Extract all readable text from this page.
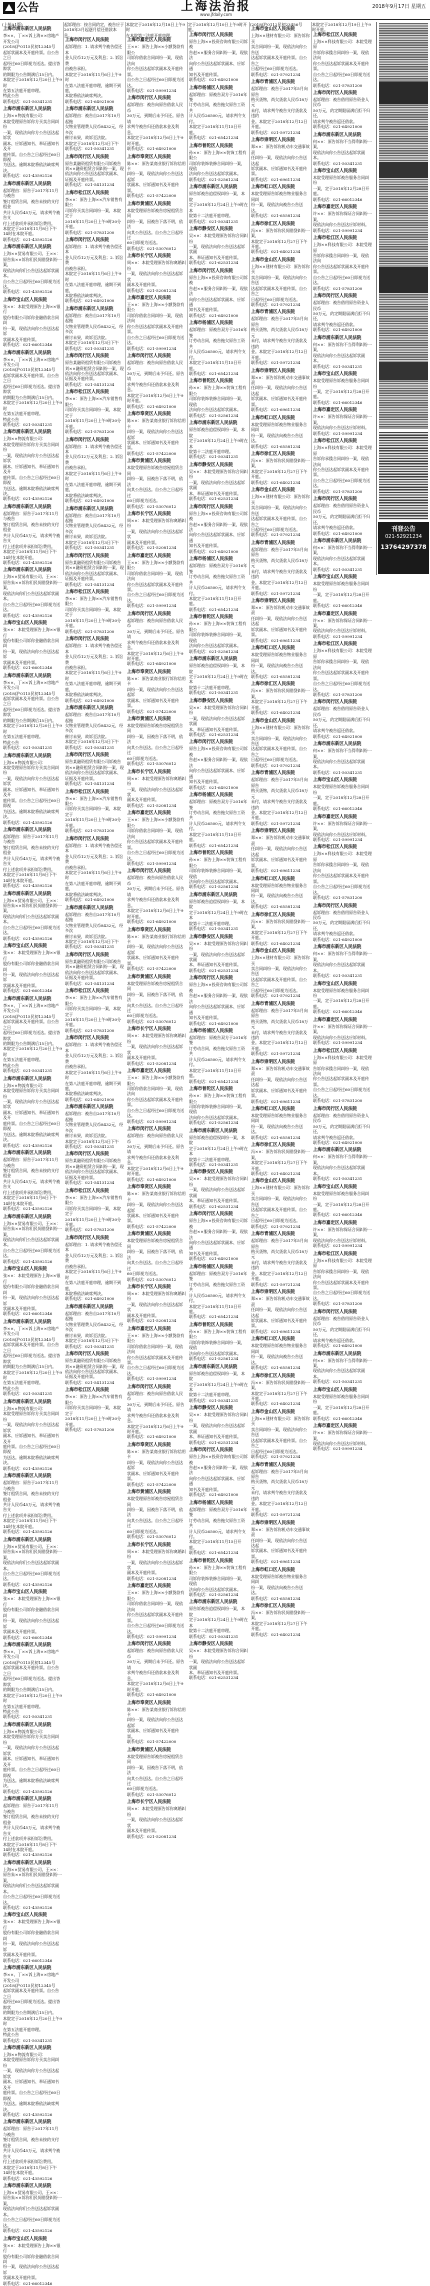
公告	上海法治报
www.jfdaily.com
2018年9月17日 星期五

(上接A1版)

上海市浦东新区人民法院

李××、丁××诉上海××房地产开发公司

(2018)沪0115民初12345号

起诉状副本及开庭传票。自公告之日

起经过60日即视为送达。提出答辩状

的期限为公告期满后15日内。

本院定于2018年12月20日上午9时

在第五法庭开庭审理。

特此公告

联系电话：021-50341231

上海市浦东新区人民法院

上海××物流有限公司：

本院受理原告诉你方买卖合同纠纷

一案，现依法向你方公告送达起诉状

副本、应诉通知书、举证通知书及开

庭传票。自公告之日起经过60日即视

为送达。逾期本院将依法缺席判决。

联系电话：021-43592126

上海市浦东新区人民法院

起诉理由：原告于2017年11月与被告

签订租赁合同，被告未按约支付租金

共计人民币45万元，请求判令被告支

付上述款项并承担诉讼费用。

本院定于2018年11月8日下午

14时在本院开庭。

联系电话：021-43592126

上海市浦东新区人民法院

上海××贸易有限公司、王××：

原告朱××诉你们民间借贷纠纷一案，

现依法向你们公告送达起诉状副本。

自公告之日起经过60日即视为送达。

联系电话：021-43592126

上海市宝山区人民法院

张××：本院受理原告上海××银行

股份有限公司诉你金融借款合同纠

纷一案，现依法向你公告送达起诉

状副本及开庭传票。

联系电话：021-66012346

上海市浦东新区人民法院

李××、丁××诉上海××房地产开发公司

(2018)沪0115民初12345号

起诉状副本及开庭传票。自公告之日

起经过60日即视为送达。提出答辩状

的期限为公告期满后15日内。

本院定于2018年12月20日上午9时

在第五法庭开庭审理。

特此公告

联系电话：021-50341231

上海市浦东新区人民法院

上海××物流有限公司：

本院受理原告诉你方买卖合同纠纷

一案，现依法向你方公告送达起诉状

副本、应诉通知书、举证通知书及开

庭传票。自公告之日起经过60日即视

为送达。逾期本院将依法缺席判决。

联系电话：021-43592126

上海市浦东新区人民法院

起诉理由：原告于2017年11月与被告

签订租赁合同，被告未按约支付租金

共计人民币45万元，请求判令被告支

付上述款项并承担诉讼费用。

本院定于2018年11月8日下午

14时在本院开庭。

联系电话：021-43592126

上海市浦东新区人民法院

上海××贸易有限公司、王××：

原告朱××诉你们民间借贷纠纷一案，

现依法向你们公告送达起诉状副本。

自公告之日起经过60日即视为送达。

联系电话：021-43592126

上海市宝山区人民法院

张××：本院受理原告上海××银行

股份有限公司诉你金融借款合同纠

纷一案，现依法向你公告送达起诉

状副本及开庭传票。

联系电话：021-66012346

上海市浦东新区人民法院

李××、丁××诉上海××房地产开发公司

(2018)沪0115民初12345号

起诉状副本及开庭传票。自公告之日

起经过60日即视为送达。提出答辩状

的期限为公告期满后15日内。

本院定于2018年12月20日上午9时

在第五法庭开庭审理。

特此公告

联系电话：021-50341231

上海市浦东新区人民法院

上海××物流有限公司：

本院受理原告诉你方买卖合同纠纷

一案，现依法向你方公告送达起诉状

副本、应诉通知书、举证通知书及开

庭传票。自公告之日起经过60日即视

为送达。逾期本院将依法缺席判决。

联系电话：021-43592126

上海市浦东新区人民法院

起诉理由：原告于2017年11月与被告

签订租赁合同，被告未按约支付租金

共计人民币45万元，请求判令被告支

付上述款项并承担诉讼费用。

本院定于2018年11月8日下午

14时在本院开庭。

联系电话：021-43592126

上海市浦东新区人民法院

上海××贸易有限公司、王××：

原告朱××诉你们民间借贷纠纷一案，

现依法向你们公告送达起诉状副本。

自公告之日起经过60日即视为送达。

联系电话：021-43592126

上海市宝山区人民法院

张××：本院受理原告上海××银行

股份有限公司诉你金融借款合同纠

纷一案，现依法向你公告送达起诉

状副本及开庭传票。

联系电话：021-66012346

上海市浦东新区人民法院

李××、丁××诉上海××房地产开发公司

(2018)沪0115民初12345号

起诉状副本及开庭传票。自公告之日

起经过60日即视为送达。提出答辩状

的期限为公告期满后15日内。

本院定于2018年12月20日上午9时

在第五法庭开庭审理。

特此公告

联系电话：021-50341231

上海市浦东新区人民法院

上海××物流有限公司：

本院受理原告诉你方买卖合同纠纷

一案，现依法向你方公告送达起诉状

副本、应诉通知书、举证通知书及开

庭传票。自公告之日起经过60日即视

为送达。逾期本院将依法缺席判决。

联系电话：021-43592126

上海市浦东新区人民法院

起诉理由：原告于2017年11月与被告

签订租赁合同，被告未按约支付租金

共计人民币45万元，请求判令被告支

付上述款项并承担诉讼费用。

本院定于2018年11月8日下午

14时在本院开庭。

联系电话：021-43592126

上海市浦东新区人民法院

上海××贸易有限公司、王××：

原告朱××诉你们民间借贷纠纷一案，

现依法向你们公告送达起诉状副本。

自公告之日起经过60日即视为送达。

联系电话：021-43592126

上海市宝山区人民法院

张××：本院受理原告上海××银行

股份有限公司诉你金融借款合同纠

纷一案，现依法向你公告送达起诉

状副本及开庭传票。

联系电话：021-66012346

上海市浦东新区人民法院

李××、丁××诉上海××房地产开发公司

(2018)沪0115民初12345号

起诉状副本及开庭传票。自公告之日

起经过60日即视为送达。提出答辩状

的期限为公告期满后15日内。

本院定于2018年12月20日上午9时

在第五法庭开庭审理。

特此公告

联系电话：021-50341231

上海市浦东新区人民法院

上海××物流有限公司：

本院受理原告诉你方买卖合同纠纷

一案，现依法向你方公告送达起诉状

副本、应诉通知书、举证通知书及开

庭传票。自公告之日起经过60日即视

为送达。逾期本院将依法缺席判决。

联系电话：021-43592126

上海市浦东新区人民法院

起诉理由：原告于2017年11月与被告

签订租赁合同，被告未按约支付租金

共计人民币45万元，请求判令被告支

付上述款项并承担诉讼费用。

本院定于2018年11月8日下午

14时在本院开庭。

联系电话：021-43592126

上海市浦东新区人民法院

上海××贸易有限公司、王××：

原告朱××诉你们民间借贷纠纷一案，

现依法向你们公告送达起诉状副本。

自公告之日起经过60日即视为送达。

联系电话：021-43592126

上海市宝山区人民法院

张××：本院受理原告上海××银行

股份有限公司诉你金融借款合同纠

纷一案，现依法向你公告送达起诉

状副本及开庭传票。

联系电话：021-66012346

上海市浦东新区人民法院

李××、丁××诉上海××房地产开发公司

(2018)沪0115民初12345号

起诉状副本及开庭传票。自公告之日

起经过60日即视为送达。提出答辩状

的期限为公告期满后15日内。

本院定于2018年12月20日上午9时

在第五法庭开庭审理。

特此公告

联系电话：021-50341231

上海市浦东新区人民法院

上海××物流有限公司：

本院受理原告诉你方买卖合同纠纷

一案，现依法向你方公告送达起诉状

副本、应诉通知书、举证通知书及开

庭传票。自公告之日起经过60日即视

为送达。逾期本院将依法缺席判决。

联系电话：021-43592126

上海市浦东新区人民法院

起诉理由：原告于2017年11月与被告

签订租赁合同，被告未按约支付租金

共计人民币45万元，请求判令被告支

付上述款项并承担诉讼费用。

本院定于2018年11月8日下午

14时在本院开庭。

联系电话：021-43592126

上海市浦东新区人民法院

上海××贸易有限公司、王××：

原告朱××诉你们民间借贷纠纷一案，

现依法向你们公告送达起诉状副本。

自公告之日起经过60日即视为送达。

联系电话：021-43592126

上海市宝山区人民法院

张××：本院受理原告上海××银行

股份有限公司诉你金融借款合同纠

纷一案，现依法向你公告送达起诉

状副本及开庭传票。

联系电话：021-66012346

上海市浦东新区人民法院

李××、丁××诉上海××房地产开发公司

(2018)沪0115民初12345号

起诉状副本及开庭传票。自公告之日

起经过60日即视为送达。提出答辩状

的期限为公告期满后15日内。

本院定于2018年12月20日上午9时

在第五法庭开庭审理。

特此公告

联系电话：021-50341231

上海市浦东新区人民法院

上海××物流有限公司：

本院受理原告诉你方买卖合同纠纷

一案，现依法向你方公告送达起诉状

副本、应诉通知书、举证通知书及开

庭传票。自公告之日起经过60日即视

为送达。逾期本院将依法缺席判决。

联系电话：021-43592126

上海市浦东新区人民法院

起诉理由：原告于2017年11月与被告

签订租赁合同，被告未按约支付租金

共计人民币45万元，请求判令被告支

付上述款项并承担诉讼费用。

本院定于2018年11月8日下午

14时在本院开庭。

联系电话：021-43592126

上海市浦东新区人民法院

上海××贸易有限公司、王××：

原告朱××诉你们民间借贷纠纷一案，

现依法向你们公告送达起诉状副本。

自公告之日起经过60日即视为送达。

联系电话：021-43592126

上海市宝山区人民法院

张××：本院受理原告上海××银行

股份有限公司诉你金融借款合同纠

纷一案，现依法向你公告送达起诉

状副本及开庭传票。

联系电话：021-66012346

起诉理由：按合同约定，被告应于

2018年3月起逐月偿还借款本息。

上海市闵行区人民法院

起诉理由：1. 请求判令被告偿还本

金人民币12万元及利息；2. 诉讼费

由被告承担。

本院定于2018年11月6日上午9时

在第八法庭开庭审理，逾期不到庭，

本院将依法缺席判决。

联系电话：021-64921000

上海市浦东新区人民法院

起诉理由：被告自2017年10月起拖

欠物业管理费人民币8432元，经多次

催讨未果，故诉至法院。

本院定于2018年12月3日下午

联系电话：021-50341231

上海市闵行区人民法院

原告某融资租赁有限公司诉被告

刘××融资租赁合同纠纷一案，现

依法向你公告送达起诉状副本、

证据及开庭传票。

联系电话：021-54131234

上海市松江区人民法院

李××：原告上海××汽车销售有限公

司诉你买卖合同纠纷一案，本院定于

2018年11月20日上午9时30分开庭。

联系电话：021-57831200

上海市闵行区人民法院

起诉理由：1. 请求判令被告偿还本

金人民币12万元及利息；2. 诉讼费

由被告承担。

本院定于2018年11月6日上午9时

在第八法庭开庭审理，逾期不到庭，

本院将依法缺席判决。

联系电话：021-64921000

上海市浦东新区人民法院

起诉理由：被告自2017年10月起拖

欠物业管理费人民币8432元，经多次

催讨未果，故诉至法院。

本院定于2018年12月3日下午

联系电话：021-50341231

上海市闵行区人民法院

原告某融资租赁有限公司诉被告

刘××融资租赁合同纠纷一案，现

依法向你公告送达起诉状副本、

证据及开庭传票。

联系电话：021-54131234

上海市松江区人民法院

李××：原告上海××汽车销售有限公

司诉你买卖合同纠纷一案，本院定于

2018年11月20日上午9时30分开庭。

联系电话：021-57831200

上海市闵行区人民法院

起诉理由：1. 请求判令被告偿还本

金人民币12万元及利息；2. 诉讼费

由被告承担。

本院定于2018年11月6日上午9时

在第八法庭开庭审理，逾期不到庭，

本院将依法缺席判决。

联系电话：021-64921000

上海市浦东新区人民法院

起诉理由：被告自2017年10月起拖

欠物业管理费人民币8432元，经多次

催讨未果，故诉至法院。

本院定于2018年12月3日下午

联系电话：021-50341231

上海市闵行区人民法院

原告某融资租赁有限公司诉被告

刘××融资租赁合同纠纷一案，现

依法向你公告送达起诉状副本、

证据及开庭传票。

联系电话：021-54131234

上海市松江区人民法院

李××：原告上海××汽车销售有限公

司诉你买卖合同纠纷一案，本院定于

2018年11月20日上午9时30分开庭。

联系电话：021-57831200

上海市闵行区人民法院

起诉理由：1. 请求判令被告偿还本

金人民币12万元及利息；2. 诉讼费

由被告承担。

本院定于2018年11月6日上午9时

在第八法庭开庭审理，逾期不到庭，

本院将依法缺席判决。

联系电话：021-64921000

上海市浦东新区人民法院

起诉理由：被告自2017年10月起拖

欠物业管理费人民币8432元，经多次

催讨未果，故诉至法院。

本院定于2018年12月3日下午

联系电话：021-50341231

上海市闵行区人民法院

原告某融资租赁有限公司诉被告

刘××融资租赁合同纠纷一案，现

依法向你公告送达起诉状副本、

证据及开庭传票。

联系电话：021-54131234

上海市松江区人民法院

李××：原告上海××汽车销售有限公

司诉你买卖合同纠纷一案，本院定于

2018年11月20日上午9时30分开庭。

联系电话：021-57831200

上海市闵行区人民法院

起诉理由：1. 请求判令被告偿还本

金人民币12万元及利息；2. 诉讼费

由被告承担。

本院定于2018年11月6日上午9时

在第八法庭开庭审理，逾期不到庭，

本院将依法缺席判决。

联系电话：021-64921000

上海市浦东新区人民法院

起诉理由：被告自2017年10月起拖

欠物业管理费人民币8432元，经多次

催讨未果，故诉至法院。

本院定于2018年12月3日下午

联系电话：021-50341231

上海市闵行区人民法院

原告某融资租赁有限公司诉被告

刘××融资租赁合同纠纷一案，现

依法向你公告送达起诉状副本、

证据及开庭传票。

联系电话：021-54131234

上海市松江区人民法院

李××：原告上海××汽车销售有限公

司诉你买卖合同纠纷一案，本院定于

2018年11月20日上午9时30分开庭。

联系电话：021-57831200

上海市闵行区人民法院

起诉理由：1. 请求判令被告偿还本

金人民币12万元及利息；2. 诉讼费

由被告承担。

本院定于2018年11月6日上午9时

在第八法庭开庭审理，逾期不到庭，

本院将依法缺席判决。

联系电话：021-64921000

上海市浦东新区人民法院

起诉理由：被告自2017年10月起拖

欠物业管理费人民币8432元，经多次

催讨未果，故诉至法院。

本院定于2018年12月3日下午

联系电话：021-50341231

上海市闵行区人民法院

原告某融资租赁有限公司诉被告

刘××融资租赁合同纠纷一案，现

依法向你公告送达起诉状副本、

证据及开庭传票。

联系电话：021-54131234

上海市松江区人民法院

李××：原告上海××汽车销售有限公

司诉你买卖合同纠纷一案，本院定于

2018年11月20日上午9时30分开庭。

联系电话：021-57831200

上海市闵行区人民法院

起诉理由：1. 请求判令被告偿还本

金人民币12万元及利息；2. 诉讼费

由被告承担。

本院定于2018年11月6日上午9时

在第八法庭开庭审理，逾期不到庭，

本院将依法缺席判决。

联系电话：021-64921000

上海市浦东新区人民法院

起诉理由：被告自2017年10月起拖

欠物业管理费人民币8432元，经多次

催讨未果，故诉至法院。

本院定于2018年12月3日下午

联系电话：021-50341231

上海市闵行区人民法院

原告某融资租赁有限公司诉被告

刘××融资租赁合同纠纷一案，现

依法向你公告送达起诉状副本、

证据及开庭传票。

联系电话：021-54131234

上海市松江区人民法院

李××：原告上海××汽车销售有限公

司诉你买卖合同纠纷一案，本院定于

2018年11月20日上午9时30分开庭。

联系电话：021-57831200

本院定于2018年12月18日上午9时

在本院第三法庭开庭审理。

上海市嘉定区人民法院

王××：原告上海××小额贷款有限公

司诉你借款合同纠纷一案，现依法向

你公告送达起诉状副本及开庭传票。

自公告之日起经过60日即视为送达。

联系电话：021-59991234

上海市闵行区人民法院

起诉理由：被告向原告借款人民币

30万元，到期后未予归还。原告请

求判令被告归还借款本金及利息。

本院定于2018年12月6日上午9时开庭。

联系电话：021-64921000

上海市奉贤区人民法院

陈××：原告某商业银行诉你信用卡

纠纷一案，现依法向你公告送达起诉

状副本、应诉通知书及开庭传票。

联系电话：021-57422000

上海市黄浦区人民法院

本院受理原告诉被告房屋租赁合同

纠纷一案，因被告下落不明，依法

向其公告送达。自公告之日起经过

60日即视为送达。

联系电话：021-53076012

上海市长宁区人民法院

周××：本院受理原告诉你离婚纠纷

一案，现依法向你公告送达起诉状

副本及开庭传票。

联系电话：021-52081234

上海市嘉定区人民法院

王××：原告上海××小额贷款有限公

司诉你借款合同纠纷一案，现依法向

你公告送达起诉状副本及开庭传票。

自公告之日起经过60日即视为送达。

联系电话：021-59991234

上海市闵行区人民法院

起诉理由：被告向原告借款人民币

30万元，到期后未予归还。原告请

求判令被告归还借款本金及利息。

本院定于2018年12月6日上午9时开庭。

联系电话：021-64921000

上海市奉贤区人民法院

陈××：原告某商业银行诉你信用卡

纠纷一案，现依法向你公告送达起诉

状副本、应诉通知书及开庭传票。

联系电话：021-57422000

上海市黄浦区人民法院

本院受理原告诉被告房屋租赁合同

纠纷一案，因被告下落不明，依法

向其公告送达。自公告之日起经过

60日即视为送达。

联系电话：021-53076012

上海市长宁区人民法院

周××：本院受理原告诉你离婚纠纷

一案，现依法向你公告送达起诉状

副本及开庭传票。

联系电话：021-52081234

上海市嘉定区人民法院

王××：原告上海××小额贷款有限公

司诉你借款合同纠纷一案，现依法向

你公告送达起诉状副本及开庭传票。

自公告之日起经过60日即视为送达。

联系电话：021-59991234

上海市闵行区人民法院

起诉理由：被告向原告借款人民币

30万元，到期后未予归还。原告请

求判令被告归还借款本金及利息。

本院定于2018年12月6日上午9时开庭。

联系电话：021-64921000

上海市奉贤区人民法院

陈××：原告某商业银行诉你信用卡

纠纷一案，现依法向你公告送达起诉

状副本、应诉通知书及开庭传票。

联系电话：021-57422000

上海市黄浦区人民法院

本院受理原告诉被告房屋租赁合同

纠纷一案，因被告下落不明，依法

向其公告送达。自公告之日起经过

60日即视为送达。

联系电话：021-53076012

上海市长宁区人民法院

周××：本院受理原告诉你离婚纠纷

一案，现依法向你公告送达起诉状

副本及开庭传票。

联系电话：021-52081234

上海市嘉定区人民法院

王××：原告上海××小额贷款有限公

司诉你借款合同纠纷一案，现依法向

你公告送达起诉状副本及开庭传票。

自公告之日起经过60日即视为送达。

联系电话：021-59991234

上海市闵行区人民法院

起诉理由：被告向原告借款人民币

30万元，到期后未予归还。原告请

求判令被告归还借款本金及利息。

本院定于2018年12月6日上午9时开庭。

联系电话：021-64921000

上海市奉贤区人民法院

陈××：原告某商业银行诉你信用卡

纠纷一案，现依法向你公告送达起诉

状副本、应诉通知书及开庭传票。

联系电话：021-57422000

上海市黄浦区人民法院

本院受理原告诉被告房屋租赁合同

纠纷一案，因被告下落不明，依法

向其公告送达。自公告之日起经过

60日即视为送达。

联系电话：021-53076012

上海市长宁区人民法院

周××：本院受理原告诉你离婚纠纷

一案，现依法向你公告送达起诉状

副本及开庭传票。

联系电话：021-52081234

上海市嘉定区人民法院

王××：原告上海××小额贷款有限公

司诉你借款合同纠纷一案，现依法向

你公告送达起诉状副本及开庭传票。

自公告之日起经过60日即视为送达。

联系电话：021-59991234

上海市闵行区人民法院

起诉理由：被告向原告借款人民币

30万元，到期后未予归还。原告请

求判令被告归还借款本金及利息。

本院定于2018年12月6日上午9时开庭。

联系电话：021-64921000

上海市奉贤区人民法院

陈××：原告某商业银行诉你信用卡

纠纷一案，现依法向你公告送达起诉

状副本、应诉通知书及开庭传票。

联系电话：021-57422000

上海市黄浦区人民法院

本院受理原告诉被告房屋租赁合同

纠纷一案，因被告下落不明，依法

向其公告送达。自公告之日起经过

60日即视为送达。

联系电话：021-53076012

上海市长宁区人民法院

周××：本院受理原告诉你离婚纠纷

一案，现依法向你公告送达起诉状

副本及开庭传票。

联系电话：021-52081234

上海市嘉定区人民法院

王××：原告上海××小额贷款有限公

司诉你借款合同纠纷一案，现依法向

你公告送达起诉状副本及开庭传票。

自公告之日起经过60日即视为送达。

联系电话：021-59991234

上海市闵行区人民法院

起诉理由：被告向原告借款人民币

30万元，到期后未予归还。原告请

求判令被告归还借款本金及利息。

本院定于2018年12月6日上午9时开庭。

联系电话：021-64921000

上海市奉贤区人民法院

陈××：原告某商业银行诉你信用卡

纠纷一案，现依法向你公告送达起诉

状副本、应诉通知书及开庭传票。

联系电话：021-57422000

上海市黄浦区人民法院

本院受理原告诉被告房屋租赁合同

纠纷一案，因被告下落不明，依法

向其公告送达。自公告之日起经过

60日即视为送达。

联系电话：021-53076012

上海市长宁区人民法院

周××：本院受理原告诉你离婚纠纷

一案，现依法向你公告送达起诉状

副本及开庭传票。

联系电话：021-52081234

上海市嘉定区人民法院

王××：原告上海××小额贷款有限公

司诉你借款合同纠纷一案，现依法向

你公告送达起诉状副本及开庭传票。

自公告之日起经过60日即视为送达。

联系电话：021-59991234

上海市闵行区人民法院

起诉理由：被告向原告借款人民币

30万元，到期后未予归还。原告请

求判令被告归还借款本金及利息。

本院定于2018年12月6日上午9时开庭。

联系电话：021-64921000

上海市奉贤区人民法院

陈××：原告某商业银行诉你信用卡

纠纷一案，现依法向你公告送达起诉

状副本、应诉通知书及开庭传票。

联系电话：021-57422000

上海市黄浦区人民法院

本院受理原告诉被告房屋租赁合同

纠纷一案，因被告下落不明，依法

向其公告送达。自公告之日起经过

60日即视为送达。

联系电话：021-53076012

上海市长宁区人民法院

周××：本院受理原告诉你离婚纠纷

一案，现依法向你公告送达起诉状

副本及开庭传票。

联系电话：021-52081234

定于2018年12月10日上午9时开庭。

上海市闵行区人民法院

原告上海××投资咨询有限公司诉被

告赵××服务合同纠纷一案，现依法

向你公告送达起诉状副本、应诉通

知书及开庭传票。

联系电话：021-64921000

上海市杨浦区人民法院

起诉理由：原被告双方于2016年签

订劳动合同，被告拖欠原告工资共

计人民币26500元，请求判令支付。

本院定于2018年11月15日开庭。

联系电话：021-65421234

上海市普陀区人民法院

孙××：原告上海××装饰工程有限公

司诉你装饰装修合同纠纷一案，现依

法向你公告送达起诉状副本。

联系电话：021-52561234

上海市浦东新区人民法院

原告诉被告追偿权纠纷一案，本院

定于2018年12月24日上午9时在本

院第十二法庭开庭审理。

联系电话：021-50341231

上海市静安区人民法院

吴××：本院受理原告诉你合同纠纷

一案，现依法向你公告送达起诉状副

本、举证通知书及开庭传票。

联系电话：021-62531234

上海市闵行区人民法院

原告上海××投资咨询有限公司诉被

告赵××服务合同纠纷一案，现依法

向你公告送达起诉状副本、应诉通

知书及开庭传票。

联系电话：021-64921000

上海市杨浦区人民法院

起诉理由：原被告双方于2016年签

订劳动合同，被告拖欠原告工资共

计人民币26500元，请求判令支付。

本院定于2018年11月15日开庭。

联系电话：021-65421234

上海市普陀区人民法院

孙××：原告上海××装饰工程有限公

司诉你装饰装修合同纠纷一案，现依

法向你公告送达起诉状副本。

联系电话：021-52561234

上海市浦东新区人民法院

原告诉被告追偿权纠纷一案，本院

定于2018年12月24日上午9时在本

院第十二法庭开庭审理。

联系电话：021-50341231

上海市静安区人民法院

吴××：本院受理原告诉你合同纠纷

一案，现依法向你公告送达起诉状副

本、举证通知书及开庭传票。

联系电话：021-62531234

上海市闵行区人民法院

原告上海××投资咨询有限公司诉被

告赵××服务合同纠纷一案，现依法

向你公告送达起诉状副本、应诉通

知书及开庭传票。

联系电话：021-64921000

上海市杨浦区人民法院

起诉理由：原被告双方于2016年签

订劳动合同，被告拖欠原告工资共

计人民币26500元，请求判令支付。

本院定于2018年11月15日开庭。

联系电话：021-65421234

上海市普陀区人民法院

孙××：原告上海××装饰工程有限公

司诉你装饰装修合同纠纷一案，现依

法向你公告送达起诉状副本。

联系电话：021-52561234

上海市浦东新区人民法院

原告诉被告追偿权纠纷一案，本院

定于2018年12月24日上午9时在本

院第十二法庭开庭审理。

联系电话：021-50341231

上海市静安区人民法院

吴××：本院受理原告诉你合同纠纷

一案，现依法向你公告送达起诉状副

本、举证通知书及开庭传票。

联系电话：021-62531234

上海市闵行区人民法院

原告上海××投资咨询有限公司诉被

告赵××服务合同纠纷一案，现依法

向你公告送达起诉状副本、应诉通

知书及开庭传票。

联系电话：021-64921000

上海市杨浦区人民法院

起诉理由：原被告双方于2016年签

订劳动合同，被告拖欠原告工资共

计人民币26500元，请求判令支付。

本院定于2018年11月15日开庭。

联系电话：021-65421234

上海市普陀区人民法院

孙××：原告上海××装饰工程有限公

司诉你装饰装修合同纠纷一案，现依

法向你公告送达起诉状副本。

联系电话：021-52561234

上海市浦东新区人民法院

原告诉被告追偿权纠纷一案，本院

定于2018年12月24日上午9时在本

院第十二法庭开庭审理。

联系电话：021-50341231

上海市静安区人民法院

吴××：本院受理原告诉你合同纠纷

一案，现依法向你公告送达起诉状副

本、举证通知书及开庭传票。

联系电话：021-62531234

上海市闵行区人民法院

原告上海××投资咨询有限公司诉被

告赵××服务合同纠纷一案，现依法

向你公告送达起诉状副本、应诉通

知书及开庭传票。

联系电话：021-64921000

上海市杨浦区人民法院

起诉理由：原被告双方于2016年签

订劳动合同，被告拖欠原告工资共

计人民币26500元，请求判令支付。

本院定于2018年11月15日开庭。

联系电话：021-65421234

上海市普陀区人民法院

孙××：原告上海××装饰工程有限公

司诉你装饰装修合同纠纷一案，现依

法向你公告送达起诉状副本。

联系电话：021-52561234

上海市浦东新区人民法院

原告诉被告追偿权纠纷一案，本院

定于2018年12月24日上午9时在本

院第十二法庭开庭审理。

联系电话：021-50341231

上海市静安区人民法院

吴××：本院受理原告诉你合同纠纷

一案，现依法向你公告送达起诉状副

本、举证通知书及开庭传票。

联系电话：021-62531234

上海市闵行区人民法院

原告上海××投资咨询有限公司诉被

告赵××服务合同纠纷一案，现依法

向你公告送达起诉状副本、应诉通

知书及开庭传票。

联系电话：021-64921000

上海市杨浦区人民法院

起诉理由：原被告双方于2016年签

订劳动合同，被告拖欠原告工资共

计人民币26500元，请求判令支付。

本院定于2018年11月15日开庭。

联系电话：021-65421234

上海市普陀区人民法院

孙××：原告上海××装饰工程有限公

司诉你装饰装修合同纠纷一案，现依

法向你公告送达起诉状副本。

联系电话：021-52561234

上海市浦东新区人民法院

原告诉被告追偿权纠纷一案，本院

定于2018年12月24日上午9时在本

院第十二法庭开庭审理。

联系电话：021-50341231

上海市静安区人民法院

吴××：本院受理原告诉你合同纠纷

一案，现依法向你公告送达起诉状副

本、举证通知书及开庭传票。

联系电话：021-62531234

上海市闵行区人民法院

原告上海××投资咨询有限公司诉被

告赵××服务合同纠纷一案，现依法

向你公告送达起诉状副本、应诉通

知书及开庭传票。

联系电话：021-64921000

上海市杨浦区人民法院

起诉理由：原被告双方于2016年签

订劳动合同，被告拖欠原告工资共

计人民币26500元，请求判令支付。

本院定于2018年11月15日开庭。

联系电话：021-65421234

上海市普陀区人民法院

孙××：原告上海××装饰工程有限公

司诉你装饰装修合同纠纷一案，现依

法向你公告送达起诉状副本。

联系电话：021-52561234

上海市浦东新区人民法院

原告诉被告追偿权纠纷一案，本院

定于2018年12月24日上午9时在本

院第十二法庭开庭审理。

联系电话：021-50341231

上海市静安区人民法院

吴××：本院受理原告诉你合同纠纷

一案，现依法向你公告送达起诉状副

本、举证通知书及开庭传票。

联系电话：021-62531234

(2018)沪0112民初23456号

上海市金山区人民法院

上海××建材有限公司：原告诉你买

卖合同纠纷一案，现依法向你公告送

达起诉状副本及开庭传票。自公告之

日起经过60日即视为送达。

联系电话：021-57921234

上海市青浦区人民法院

起诉理由：被告于2017年5月向原告

购买货物，尚欠货款人民币18万元

未付，请求判令被告支付货款及违约

金。本院定于2018年12月12日开庭。

联系电话：021-59721234

上海市崇明区人民法院

郑××：原告诉你机动车交通事故责

任纠纷一案，现依法向你公告送达起

诉状副本、应诉通知书及开庭传票。

联系电话：021-69611234

上海市虹口区人民法院

本院受理原告诉被告物业服务合同纠

纷一案，现依法向被告公告送达。

联系电话：021-65581234

上海市徐汇区人民法院

冯××：原告诉你民间借贷纠纷一案，

本院定于2018年12月27日下午开庭。

联系电话：021-64021234

上海市金山区人民法院

上海××建材有限公司：原告诉你买

卖合同纠纷一案，现依法向你公告送

达起诉状副本及开庭传票。自公告之

日起经过60日即视为送达。

联系电话：021-57921234

上海市青浦区人民法院

起诉理由：被告于2017年5月向原告

购买货物，尚欠货款人民币18万元

未付，请求判令被告支付货款及违约

金。本院定于2018年12月12日开庭。

联系电话：021-59721234

上海市崇明区人民法院

郑××：原告诉你机动车交通事故责

任纠纷一案，现依法向你公告送达起

诉状副本、应诉通知书及开庭传票。

联系电话：021-69611234

上海市虹口区人民法院

本院受理原告诉被告物业服务合同纠

纷一案，现依法向被告公告送达。

联系电话：021-65581234

上海市徐汇区人民法院

冯××：原告诉你民间借贷纠纷一案，

本院定于2018年12月27日下午开庭。

联系电话：021-64021234

上海市金山区人民法院

上海××建材有限公司：原告诉你买

卖合同纠纷一案，现依法向你公告送

达起诉状副本及开庭传票。自公告之

日起经过60日即视为送达。

联系电话：021-57921234

上海市青浦区人民法院

起诉理由：被告于2017年5月向原告

购买货物，尚欠货款人民币18万元

未付，请求判令被告支付货款及违约

金。本院定于2018年12月12日开庭。

联系电话：021-59721234

上海市崇明区人民法院

郑××：原告诉你机动车交通事故责

任纠纷一案，现依法向你公告送达起

诉状副本、应诉通知书及开庭传票。

联系电话：021-69611234

上海市虹口区人民法院

本院受理原告诉被告物业服务合同纠

纷一案，现依法向被告公告送达。

联系电话：021-65581234

上海市徐汇区人民法院

冯××：原告诉你民间借贷纠纷一案，

本院定于2018年12月27日下午开庭。

联系电话：021-64021234

上海市金山区人民法院

上海××建材有限公司：原告诉你买

卖合同纠纷一案，现依法向你公告送

达起诉状副本及开庭传票。自公告之

日起经过60日即视为送达。

联系电话：021-57921234

上海市青浦区人民法院

起诉理由：被告于2017年5月向原告

购买货物，尚欠货款人民币18万元

未付，请求判令被告支付货款及违约

金。本院定于2018年12月12日开庭。

联系电话：021-59721234

上海市崇明区人民法院

郑××：原告诉你机动车交通事故责

任纠纷一案，现依法向你公告送达起

诉状副本、应诉通知书及开庭传票。

联系电话：021-69611234

上海市虹口区人民法院

本院受理原告诉被告物业服务合同纠

纷一案，现依法向被告公告送达。

联系电话：021-65581234

上海市徐汇区人民法院

冯××：原告诉你民间借贷纠纷一案，

本院定于2018年12月27日下午开庭。

联系电话：021-64021234

上海市金山区人民法院

上海××建材有限公司：原告诉你买

卖合同纠纷一案，现依法向你公告送

达起诉状副本及开庭传票。自公告之

日起经过60日即视为送达。

联系电话：021-57921234

上海市青浦区人民法院

起诉理由：被告于2017年5月向原告

购买货物，尚欠货款人民币18万元

未付，请求判令被告支付货款及违约

金。本院定于2018年12月12日开庭。

联系电话：021-59721234

上海市崇明区人民法院

郑××：原告诉你机动车交通事故责

任纠纷一案，现依法向你公告送达起

诉状副本、应诉通知书及开庭传票。

联系电话：021-69611234

上海市虹口区人民法院

本院受理原告诉被告物业服务合同纠

纷一案，现依法向被告公告送达。

联系电话：021-65581234

上海市徐汇区人民法院

冯××：原告诉你民间借贷纠纷一案，

本院定于2018年12月27日下午开庭。

联系电话：021-64021234

上海市金山区人民法院

上海××建材有限公司：原告诉你买

卖合同纠纷一案，现依法向你公告送

达起诉状副本及开庭传票。自公告之

日起经过60日即视为送达。

联系电话：021-57921234

上海市青浦区人民法院

起诉理由：被告于2017年5月向原告

购买货物，尚欠货款人民币18万元

未付，请求判令被告支付货款及违约

金。本院定于2018年12月12日开庭。

联系电话：021-59721234

上海市崇明区人民法院

郑××：原告诉你机动车交通事故责

任纠纷一案，现依法向你公告送达起

诉状副本、应诉通知书及开庭传票。

联系电话：021-69611234

上海市虹口区人民法院

本院受理原告诉被告物业服务合同纠

纷一案，现依法向被告公告送达。

联系电话：021-65581234

上海市徐汇区人民法院

冯××：原告诉你民间借贷纠纷一案，

本院定于2018年12月27日下午开庭。

联系电话：021-64021234

上海市金山区人民法院

上海××建材有限公司：原告诉你买

卖合同纠纷一案，现依法向你公告送

达起诉状副本及开庭传票。自公告之

日起经过60日即视为送达。

联系电话：021-57921234

上海市青浦区人民法院

起诉理由：被告于2017年5月向原告

购买货物，尚欠货款人民币18万元

未付，请求判令被告支付货款及违约

金。本院定于2018年12月12日开庭。

联系电话：021-59721234

上海市崇明区人民法院

郑××：原告诉你机动车交通事故责

任纠纷一案，现依法向你公告送达起

诉状副本、应诉通知书及开庭传票。

联系电话：021-69611234

上海市虹口区人民法院

本院受理原告诉被告物业服务合同纠

纷一案，现依法向被告公告送达。

联系电话：021-65581234

上海市徐汇区人民法院

冯××：原告诉你民间借贷纠纷一案，

本院定于2018年12月27日下午开庭。

联系电话：021-64021234

本院定于2018年12月19日上午9时开庭。

上海市松江区人民法院

上海××科技有限公司：本院受理原

告诉你承揽合同纠纷一案，现依法向

你公告送达起诉状副本及开庭传票。

自公告之日起经过60日即视为送达。

联系电话：021-57831200

上海市闵行区人民法院

起诉理由：被告借用原告资金人民币

50万元，约定期限届满后拒不归还，

请求判令被告返还借款。

联系电话：021-64921000

上海市浦东新区人民法院

何××：原告诉你不当得利纠纷一案，

现依法向你公告送达起诉状副本。

联系电话：021-50341231

上海市宝山区人民法院

本院受理原告诉被告服务合同纠纷

一案，定于2018年12月28日开庭。

联系电话：021-66012346

上海市嘉定区人民法院

许××：原告诉你保证合同纠纷一案，

现依法向你公告送达应诉材料。

联系电话：021-59991234

上海市松江区人民法院

上海××科技有限公司：本院受理原

告诉你承揽合同纠纷一案，现依法向

你公告送达起诉状副本及开庭传票。

自公告之日起经过60日即视为送达。

联系电话：021-57831200

上海市闵行区人民法院

起诉理由：被告借用原告资金人民币

50万元，约定期限届满后拒不归还，

请求判令被告返还借款。

联系电话：021-64921000

上海市浦东新区人民法院

何××：原告诉你不当得利纠纷一案，

现依法向你公告送达起诉状副本。

联系电话：021-50341231

上海市宝山区人民法院

本院受理原告诉被告服务合同纠纷

一案，定于2018年12月28日开庭。

联系电话：021-66012346

上海市嘉定区人民法院

许××：原告诉你保证合同纠纷一案，

现依法向你公告送达应诉材料。

联系电话：021-59991234

上海市松江区人民法院

上海××科技有限公司：本院受理原

告诉你承揽合同纠纷一案，现依法向

你公告送达起诉状副本及开庭传票。

自公告之日起经过60日即视为送达。

联系电话：021-57831200

上海市闵行区人民法院

起诉理由：被告借用原告资金人民币

50万元，约定期限届满后拒不归还，

请求判令被告返还借款。

联系电话：021-64921000

上海市浦东新区人民法院

何××：原告诉你不当得利纠纷一案，

现依法向你公告送达起诉状副本。

联系电话：021-50341231

上海市宝山区人民法院

本院受理原告诉被告服务合同纠纷

一案，定于2018年12月28日开庭。

联系电话：021-66012346

上海市嘉定区人民法院

许××：原告诉你保证合同纠纷一案，

现依法向你公告送达应诉材料。

联系电话：021-59991234

上海市松江区人民法院

上海××科技有限公司：本院受理原

告诉你承揽合同纠纷一案，现依法向

你公告送达起诉状副本及开庭传票。

自公告之日起经过60日即视为送达。

联系电话：021-57831200

上海市闵行区人民法院

起诉理由：被告借用原告资金人民币

50万元，约定期限届满后拒不归还，

请求判令被告返还借款。

联系电话：021-64921000

上海市浦东新区人民法院

何××：原告诉你不当得利纠纷一案，

现依法向你公告送达起诉状副本。

联系电话：021-50341231

上海市宝山区人民法院

本院受理原告诉被告服务合同纠纷

一案，定于2018年12月28日开庭。

联系电话：021-66012346

上海市嘉定区人民法院

许××：原告诉你保证合同纠纷一案，

现依法向你公告送达应诉材料。

联系电话：021-59991234

上海市松江区人民法院

上海××科技有限公司：本院受理原

告诉你承揽合同纠纷一案，现依法向

你公告送达起诉状副本及开庭传票。

自公告之日起经过60日即视为送达。

联系电话：021-57831200

上海市闵行区人民法院

起诉理由：被告借用原告资金人民币

50万元，约定期限届满后拒不归还，

请求判令被告返还借款。

联系电话：021-64921000

上海市浦东新区人民法院

何××：原告诉你不当得利纠纷一案，

现依法向你公告送达起诉状副本。

联系电话：021-50341231

上海市宝山区人民法院

本院受理原告诉被告服务合同纠纷

一案，定于2018年12月28日开庭。

联系电话：021-66012346

上海市嘉定区人民法院

许××：原告诉你保证合同纠纷一案，

现依法向你公告送达应诉材料。

联系电话：021-59991234

上海市松江区人民法院

上海××科技有限公司：本院受理原

告诉你承揽合同纠纷一案，现依法向

你公告送达起诉状副本及开庭传票。

自公告之日起经过60日即视为送达。

联系电话：021-57831200

上海市闵行区人民法院

起诉理由：被告借用原告资金人民币

50万元，约定期限届满后拒不归还，

请求判令被告返还借款。

联系电话：021-64921000

上海市浦东新区人民法院

何××：原告诉你不当得利纠纷一案，

现依法向你公告送达起诉状副本。

联系电话：021-50341231

上海市宝山区人民法院

本院受理原告诉被告服务合同纠纷

一案，定于2018年12月28日开庭。

联系电话：021-66012346

上海市嘉定区人民法院

许××：原告诉你保证合同纠纷一案，

现依法向你公告送达应诉材料。

联系电话：021-59991234

上海市松江区人民法院

上海××科技有限公司：本院受理原

告诉你承揽合同纠纷一案，现依法向

你公告送达起诉状副本及开庭传票。

自公告之日起经过60日即视为送达。

联系电话：021-57831200

上海市闵行区人民法院

起诉理由：被告借用原告资金人民币

50万元，约定期限届满后拒不归还，

请求判令被告返还借款。

联系电话：021-64921000

上海市浦东新区人民法院

何××：原告诉你不当得利纠纷一案，

现依法向你公告送达起诉状副本。

联系电话：021-50341231

上海市宝山区人民法院

本院受理原告诉被告服务合同纠纷

一案，定于2018年12月28日开庭。

联系电话：021-66012346

上海市嘉定区人民法院

许××：原告诉你保证合同纠纷一案，

现依法向你公告送达应诉材料。

联系电话：021-59991234

刊登公告
021-52921234
13764297378
